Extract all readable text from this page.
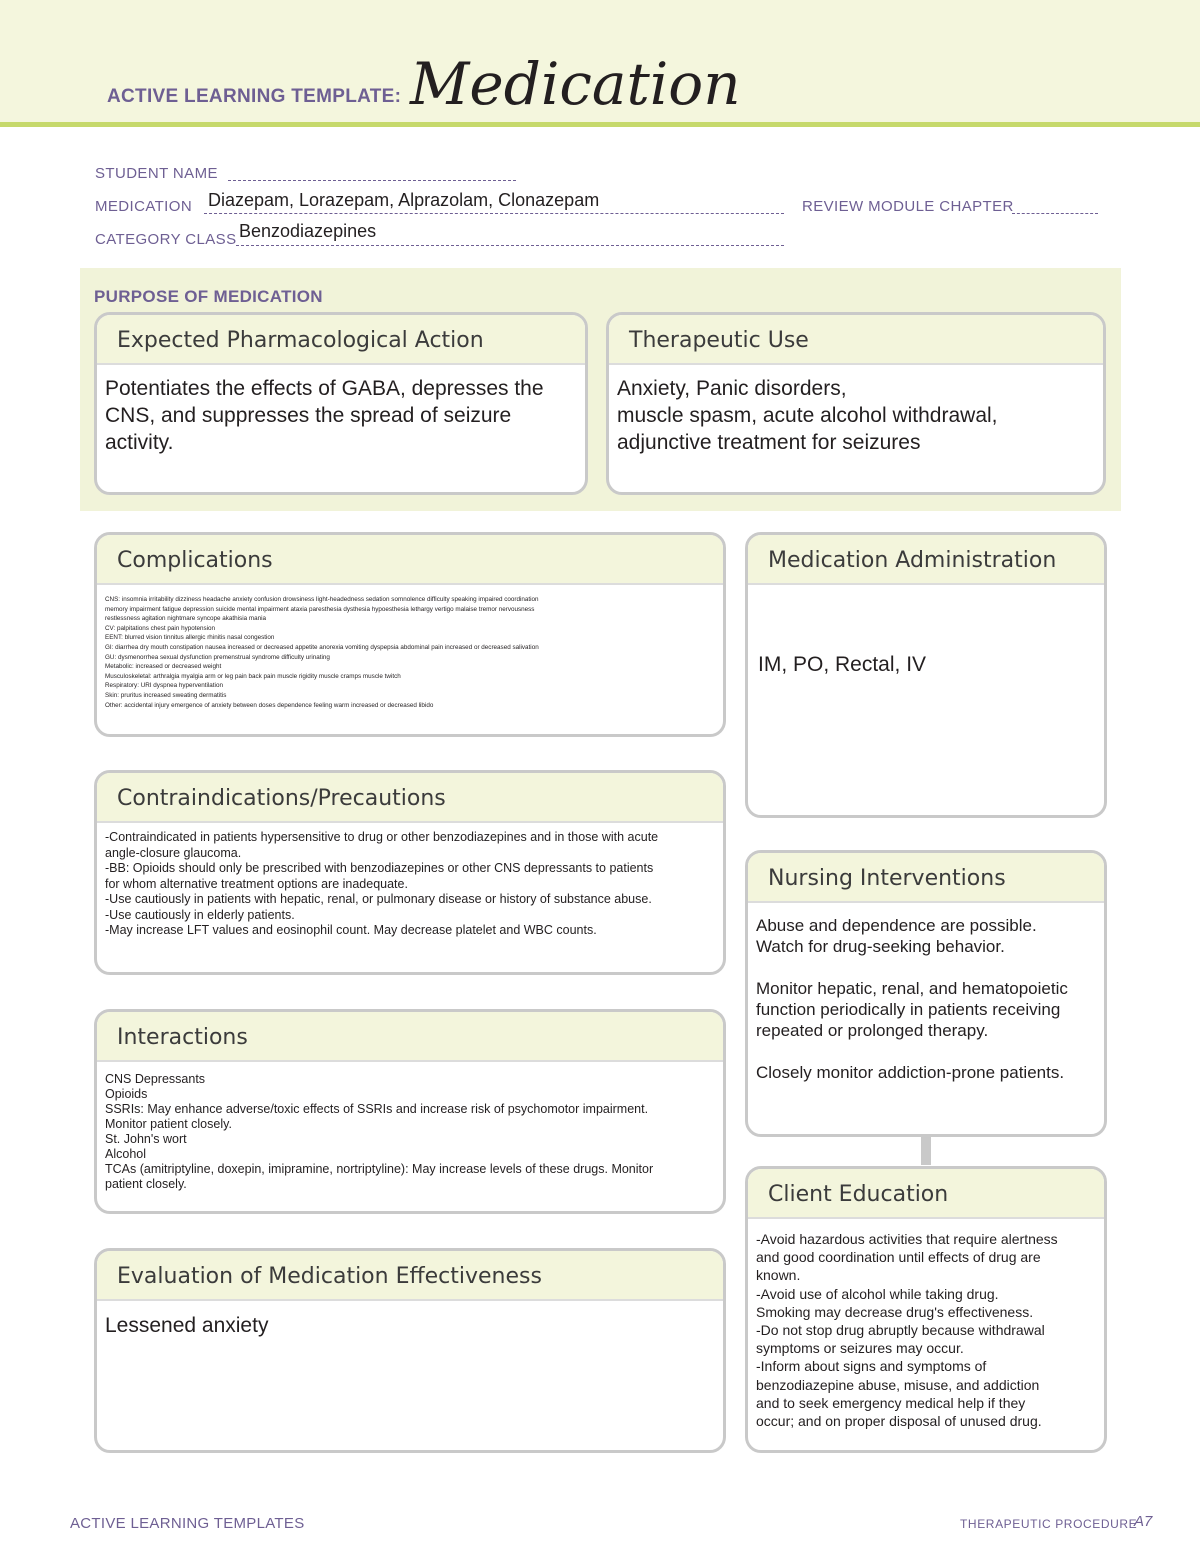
ACTIVE LEARNING TEMPLATE: Medication
STUDENT NAME
MEDICATION Diazepam, Lorazepam, Alprazolam, Clonazepam	REVIEW MODULE CHAPTER
CATEGORY CLASS Benzodiazepines
PURPOSE OF MEDICATION
Expected Pharmacological Action
Potentiates the effects of GABA, depresses the CNS, and suppresses the spread of seizure activity.
Therapeutic Use

Anxiety, Panic disorders,

muscle spasm, acute alcohol withdrawal,

adjunctive treatment for seizures

Complications

CNS: insomnia irritability dizziness headache anxiety confusion drowsiness light-headedness sedation somnolence difficulty speaking impaired coordination

memory impairment fatigue depression suicide mental impairment ataxia paresthesia dysthesia hypoesthesia lethargy vertigo malaise tremor nervousness

restlessness agitation nightmare syncope akathisia mania

CV: palpitations chest pain hypotension

EENT: blurred vision tinnitus allergic rhinitis nasal congestion

GI: diarrhea dry mouth constipation nausea increased or decreased appetite anorexia vomiting dyspepsia abdominal pain increased or decreased salivation

GU: dysmenorrhea sexual dysfunction premenstrual syndrome difficulty urinating

Metabolic: increased or decreased weight

Musculoskeletal: arthralgia myalgia arm or leg pain back pain muscle rigidity muscle cramps muscle twitch

Respiratory: URI dyspnea hyperventilation

Skin: pruritus increased sweating dermatitis

Other: accidental injury emergence of anxiety between doses dependence feeling warm increased or decreased libido

Medication Administration
IM, PO, Rectal, IV
Contraindications/Precautions

-Contraindicated in patients hypersensitive to drug or other benzodiazepines and in those with acute

angle-closure glaucoma.

-BB: Opioids should only be prescribed with benzodiazepines or other CNS depressants to patients

for whom alternative treatment options are inadequate.

-Use cautiously in patients with hepatic, renal, or pulmonary disease or history of substance abuse.

-Use cautiously in elderly patients.

-May increase LFT values and eosinophil count. May decrease platelet and WBC counts.

Nursing Interventions

Abuse and dependence are possible.

Watch for drug-seeking behavior.

Monitor hepatic, renal, and hematopoietic

function periodically in patients receiving

repeated or prolonged therapy.

Closely monitor addiction-prone patients.

Interactions

CNS Depressants

Opioids

SSRIs: May enhance adverse/toxic effects of SSRIs and increase risk of psychomotor impairment.

Monitor patient closely.

St. John's wort

Alcohol

TCAs (amitriptyline, doxepin, imipramine, nortriptyline): May increase levels of these drugs. Monitor

patient closely.	Client Education

-Avoid hazardous activities that require alertness

and good coordination until effects of drug are

known.

-Avoid use of alcohol while taking drug.

Smoking may decrease drug's effectiveness.

-Do not stop drug abruptly because withdrawal

symptoms or seizures may occur.

-Inform about signs and symptoms of

benzodiazepine abuse, misuse, and addiction

and to seek emergency medical help if they

occur; and on proper disposal of unused drug.

Evaluation of Medication Effectiveness
Lessened anxiety
ACTIVE LEARNING TEMPLATES	THERAPEUTIC PROCEDURE
A7
